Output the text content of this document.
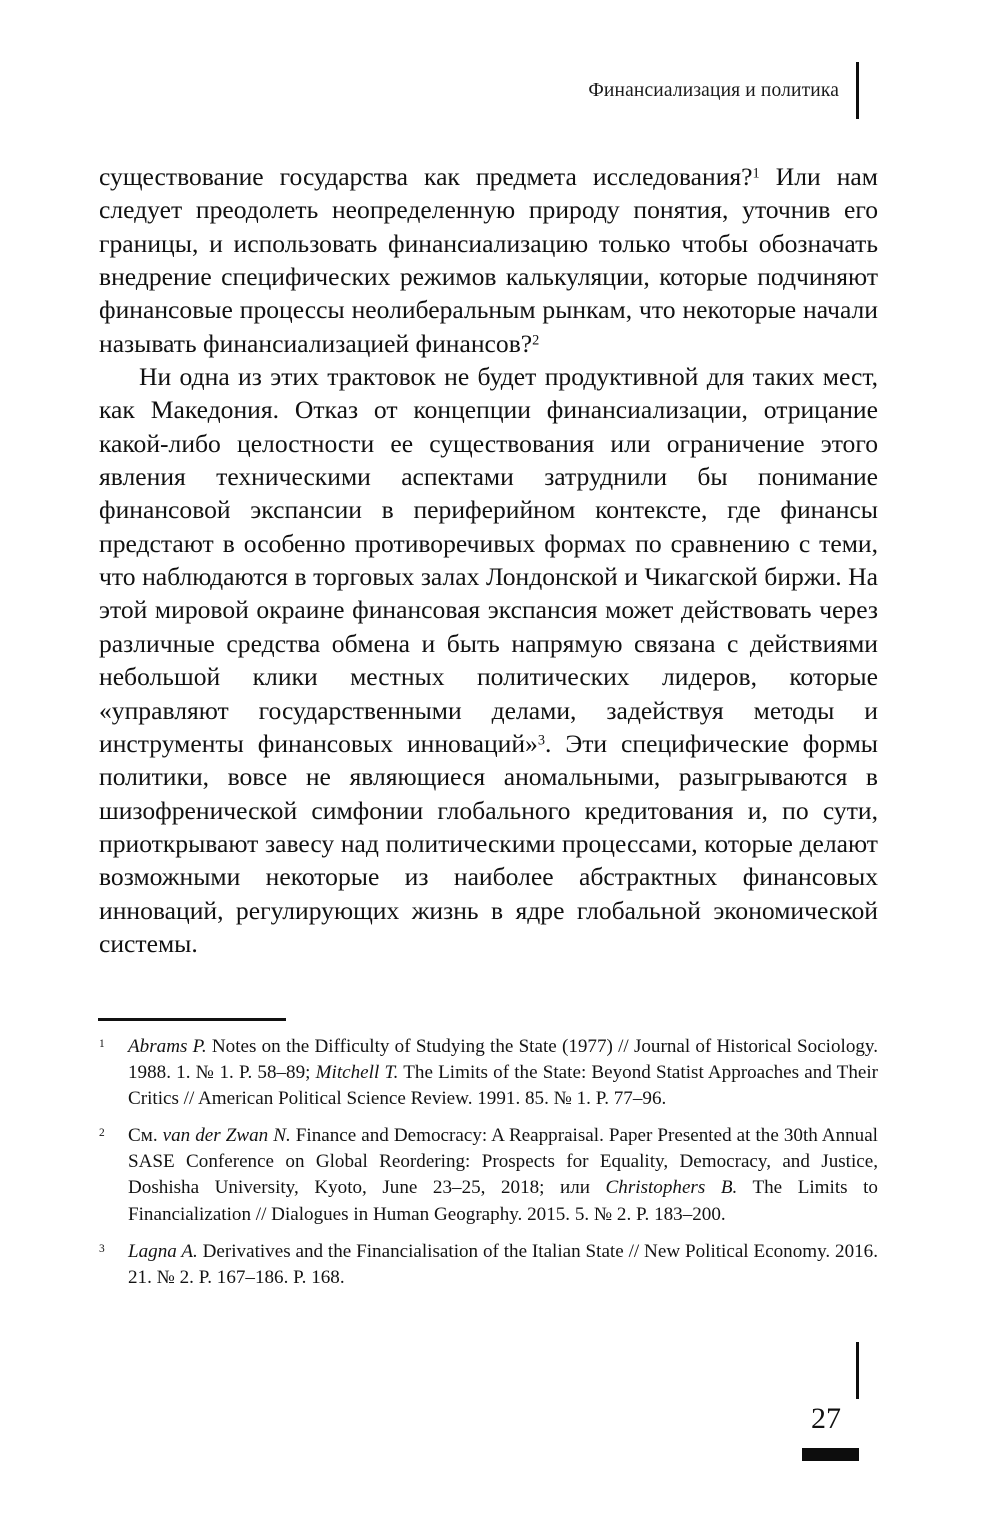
Финансиализация и политика

существование государства как предмета исследования?$^1$ Или нам следует преодолеть неопределенную природу понятия, уточнив его границы, и использовать финансиализацию только чтобы обозначать внедрение специфических режимов калькуляции, которые подчиняют финансовые процессы неолиберальным рынкам, что некоторые начали называть финансиализацией финансов?$^2$

Ни одна из этих трактовок не будет продуктивной для таких мест, как Македония. Отказ от концепции финансиализации, отрицание какой-либо целостности ее существования или ограничение этого явления техническими аспектами затруднили бы понимание финансовой экспансии в периферийном контексте, где финансы предстают в особенно противоречивых формах по сравнению с теми, что наблюдаются в торговых залах Лондонской и Чикагской биржи. На этой мировой окраине финансовая экспансия может действовать через различные средства обмена и быть напрямую связана с действиями небольшой клики местных политических лидеров, которые «управляют государственными делами, задействуя методы и инструменты финансовых инноваций»$^3$. Эти специфические формы политики, вовсе не являющиеся аномальными, разыгрываются в шизофренической симфонии глобального кредитования и, по сути, приоткрывают завесу над политическими процессами, которые делают возможными некоторые из наиболее абстрактных финансовых инноваций, регулирующих жизнь в ядре глобальной экономической системы.

1	Abrams P. Notes on the Difficulty of Studying the State (1977) // Journal of Historical Sociology. 1988. 1. № 1. P. 58–89; Mitchell T. The Limits of the State: Beyond Statist Approaches and Their Critics // American Political Science Review. 1991. 85. № 1. P. 77–96.

2	См. van der Zwan N. Finance and Democracy: A Reappraisal. Paper Presented at the 30th Annual SASE Conference on Global Reordering: Prospects for Equality, Democracy, and Justice, Doshisha University, Kyoto, June 23–25, 2018; или Christophers B. The Limits to Financialization // Dialogues in Human Geography. 2015. 5. № 2. P. 183–200.

3	Lagna A. Derivatives and the Financialisation of the Italian State // New Political Economy. 2016. 21. № 2. P. 167–186. P. 168.

27
